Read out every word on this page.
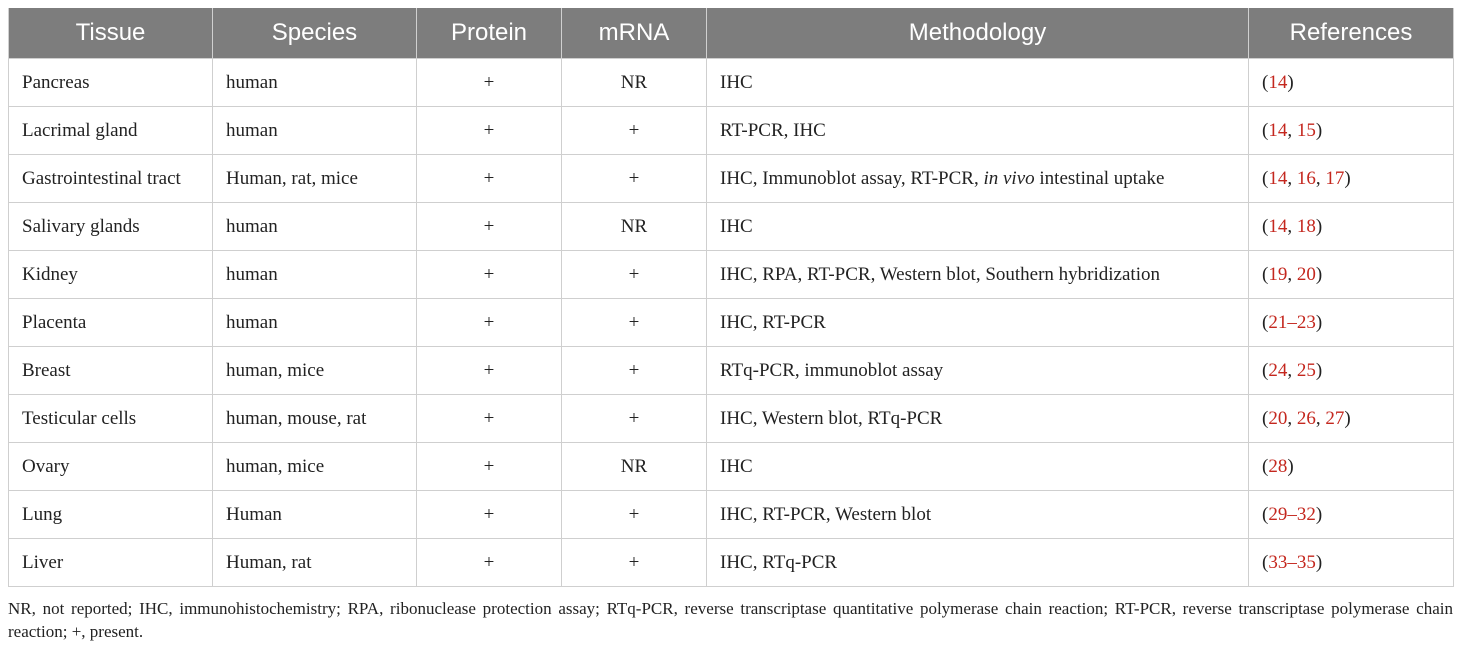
Tissue	Species	Protein	mRNA	Methodology	References
Pancreas	human	+	NR	IHC	(14)
Lacrimal gland	human	+	+	RT-PCR, IHC	(14, 15)
Gastrointestinal tract	Human, rat, mice	+	+	IHC, Immunoblot assay, RT-PCR, in vivo intestinal uptake	(14, 16, 17)
Salivary glands	human	+	NR	IHC	(14, 18)
Kidney	human	+	+	IHC, RPA, RT-PCR, Western blot, Southern hybridization	(19, 20)
Placenta	human	+	+	IHC, RT-PCR	(21–23)
Breast	human, mice	+	+	RTq-PCR, immunoblot assay	(24, 25)
Testicular cells	human, mouse, rat	+	+	IHC, Western blot, RTq-PCR	(20, 26, 27)
Ovary	human, mice	+	NR	IHC	(28)
Lung	Human	+	+	IHC, RT-PCR, Western blot	(29–32)
Liver	Human, rat	+	+	IHC, RTq-PCR	(33–35)
NR, not reported; IHC, immunohistochemistry; RPA, ribonuclease protection assay; RTq-PCR, reverse transcriptase quantitative polymerase chain reaction; RT-PCR, reverse transcriptase polymerase chain reaction; +, present.
